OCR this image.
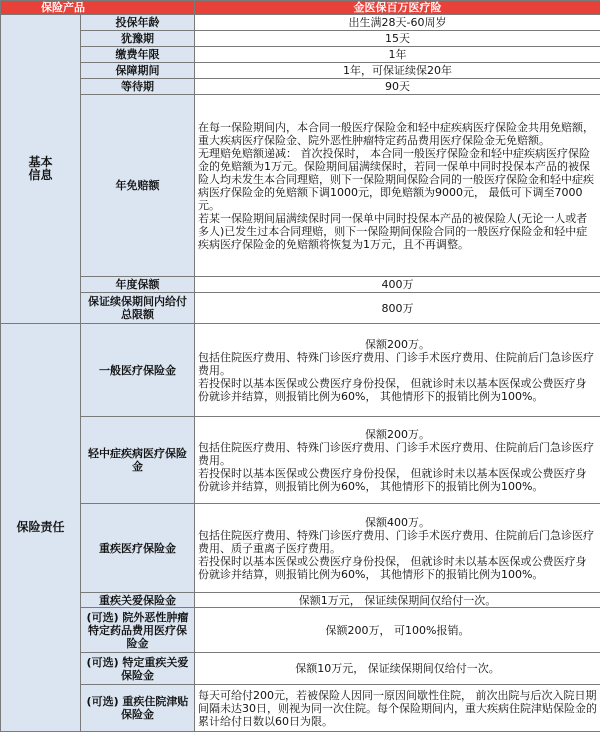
保险产品		金医保百万医疗险
基本
信息	投保年龄	出生满28天-60周岁
	犹豫期	15天
	缴费年限	1年
	保障期间	1年，可保证续保20年
	等待期	90天
	年免赔额	在每一保险期间内，本合同一般医疗保险金和轻中症疾病医疗保险金共用免赔额，重大疾病医疗保险金、院外恶性肿瘤特定药品费用医疗保险金无免赔额。
无理赔免赔额递减： 首次投保时， 本合同一般医疗保险金和轻中症疾病医疗保险金的免赔额为1万元。保险期间届满续保时，若同一保单中同时投保本产品的被保险人均未发生本合同理赔，则下一保险期间保险合同的一般医疗保险金和轻中症疾病医疗保险金的免赔额下调1000元，即免赔额为9000元， 最低可下调至7000元。
若某一保险期间届满续保时同一保单中同时投保本产品的被保险人(无论一人或者多人)已发生过本合同理赔，则下一保险期间保险合同的一般医疗保险金和轻中症疾病医疗保险金的免赔额将恢复为1万元，且不再调整。

	年度保额	400万
	保证续保期间内给付总限额	800万
保险责任	一般医疗保险金	保额200万。
包括住院医疗费用、特殊门诊医疗费用、门诊手术医疗费用、住院前后门急诊医疗费用。
若投保时以基本医保或公费医疗身份投保， 但就诊时未以基本医保或公费医疗身份就诊并结算，则报销比例为60%， 其他情形下的报销比例为100%。

	轻中症疾病医疗保险金	保额200万。
包括住院医疗费用、特殊门诊医疗费用、门诊手术医疗费用、住院前后门急诊医疗费用。
若投保时以基本医保或公费医疗身份投保， 但就诊时未以基本医保或公费医疗身份就诊并结算，则报销比例为60%， 其他情形下的报销比例为100%。

	重疾医疗保险金	保额400万。
包括住院医疗费用、特殊门诊医疗费用、门诊手术医疗费用、住院前后门急诊医疗费用、质子重离子医疗费用。
若投保时以基本医保或公费医疗身份投保， 但就诊时未以基本医保或公费医疗身份就诊并结算，则报销比例为60%， 其他情形下的报销比例为100%。

	重疾关爱保险金	保额1万元， 保证续保期间仅给付一次。
	(可选) 院外恶性肿瘤特定药品费用医疗保险金	保额200万， 可100%报销。
	(可选) 特定重疾关爱保险金	保额10万元， 保证续保期间仅给付一次。
	(可选) 重疾住院津贴保险金	每天可给付200元，若被保险人因同一原因间歇性住院， 前次出院与后次入院日期间隔未达30日，则视为同一次住院。每个保险期间内，重大疾病住院津贴保险金的累计给付日数以60日为限。
